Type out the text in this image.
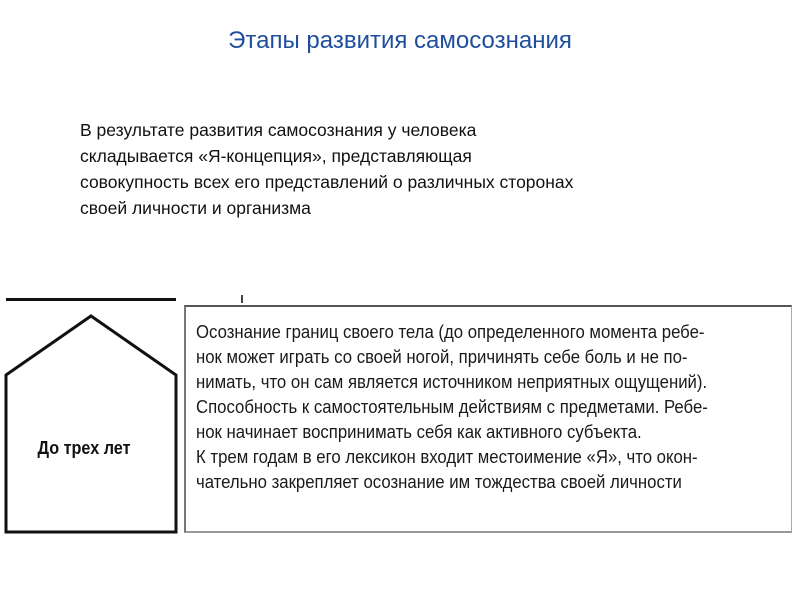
Этапы развития самосознания
В результате развития самосознания у человека
складывается «Я-концепция», представляющая
совокупность всех его представлений о различных сторонах
своей личности и организма
До трех лет
Осознание границ своего тела (до определенного момента ребе-
нок может играть со своей ногой, причинять себе боль и не по-
нимать, что он сам является источником неприятных ощущений).
Способность к самостоятельным действиям с предметами. Ребе-
нок начинает воспринимать себя как активного субъекта.
К трем годам в его лексикон входит местоимение «Я», что окон-
чательно закрепляет осознание им тождества своей личности
